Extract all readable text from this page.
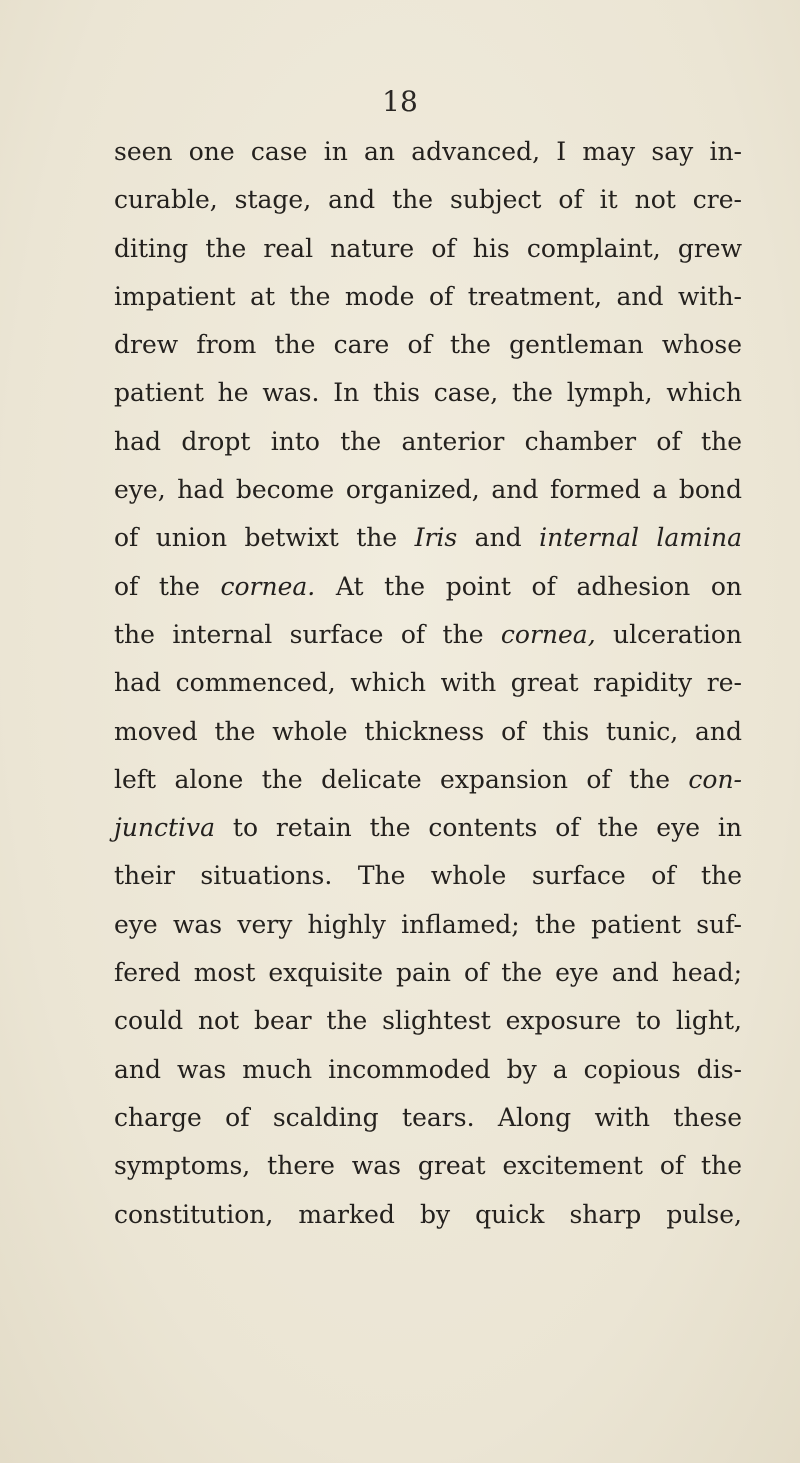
18
seen one case in an advanced, I may say in-
curable, stage, and the subject of it not cre-
diting the real nature of his complaint, grew
impatient at the mode of treatment, and with-
drew from the care of the gentleman whose
patient he was. In this case, the lymph, which
had dropt into the anterior chamber of the
eye, had become organized, and formed a bond
of union betwixt the Iris and internal lamina
of the cornea. At the point of adhesion on
the internal surface of the cornea, ulceration
had commenced, which with great rapidity re-
moved the whole thickness of this tunic, and
left alone the delicate expansion of the con-
junctiva to retain the contents of the eye in
their situations. The whole surface of the
eye was very highly inflamed; the patient suf-
fered most exquisite pain of the eye and head;
could not bear the slightest exposure to light,
and was much incommoded by a copious dis-
charge of scalding tears. Along with these
symptoms, there was great excitement of the
constitution, marked by quick sharp pulse,
